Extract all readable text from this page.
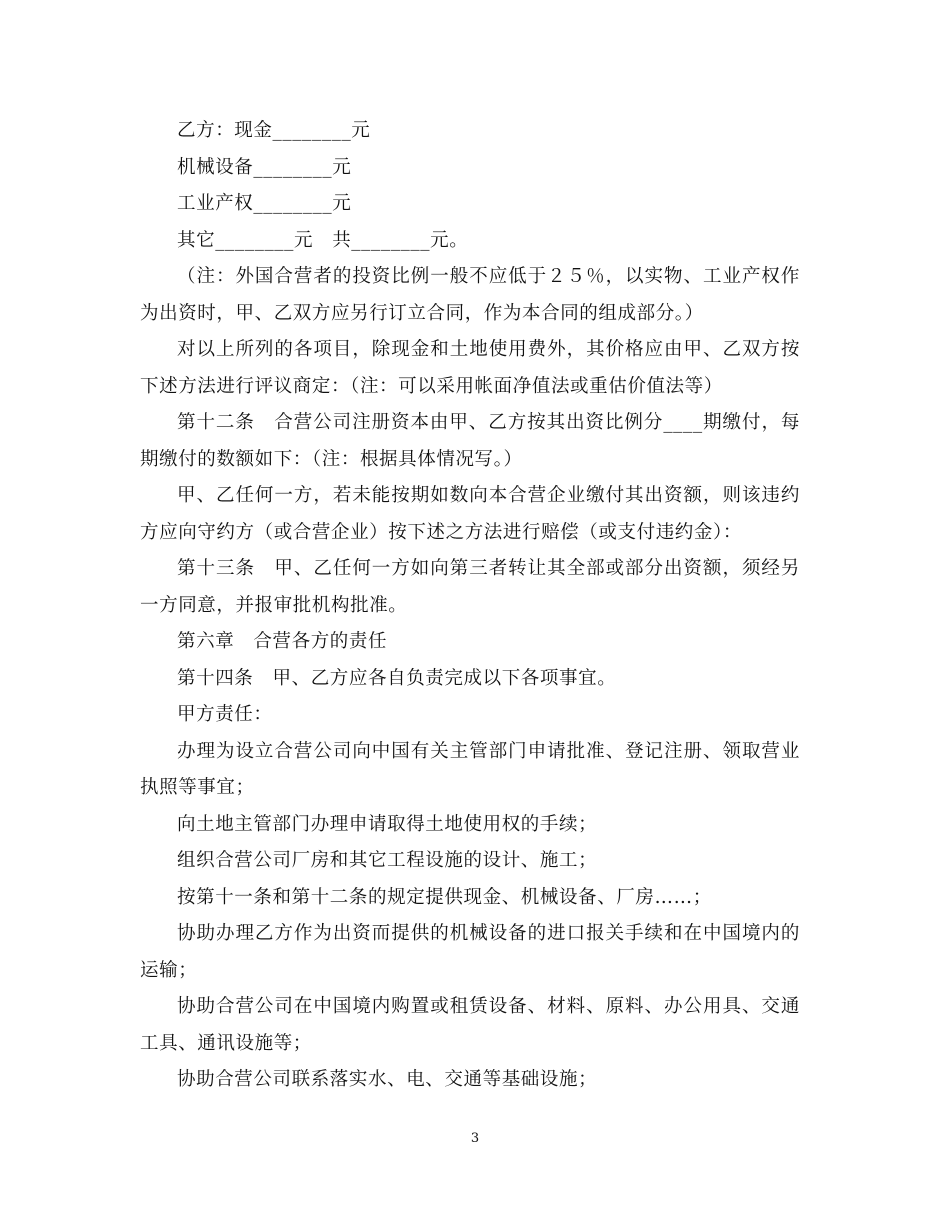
乙方：现金________元

机械设备________元

工业产权________元

其它________元　共________元。

（注：外国合营者的投资比例一般不应低于２５％，以实物、工业产权作为出资时，甲、乙双方应另行订立合同，作为本合同的组成部分。）

对以上所列的各项目，除现金和土地使用费外，其价格应由甲、乙双方按下述方法进行评议商定：（注：可以采用帐面净值法或重估价值法等）

第十二条　合营公司注册资本由甲、乙方按其出资比例分____期缴付，每期缴付的数额如下：（注：根据具体情况写。）

甲、乙任何一方，若未能按期如数向本合营企业缴付其出资额，则该违约方应向守约方（或合营企业）按下述之方法进行赔偿（或支付违约金）：

第十三条　甲、乙任何一方如向第三者转让其全部或部分出资额，须经另一方同意，并报审批机构批准。

第六章　合营各方的责任

第十四条　甲、乙方应各自负责完成以下各项事宜。

甲方责任：

办理为设立合营公司向中国有关主管部门申请批准、登记注册、领取营业执照等事宜；

向土地主管部门办理申请取得土地使用权的手续；

组织合营公司厂房和其它工程设施的设计、施工；

按第十一条和第十二条的规定提供现金、机械设备、厂房……；

协助办理乙方作为出资而提供的机械设备的进口报关手续和在中国境内的运输；

协助合营公司在中国境内购置或租赁设备、材料、原料、办公用具、交通工具、通讯设施等；

协助合营公司联系落实水、电、交通等基础设施；

3
